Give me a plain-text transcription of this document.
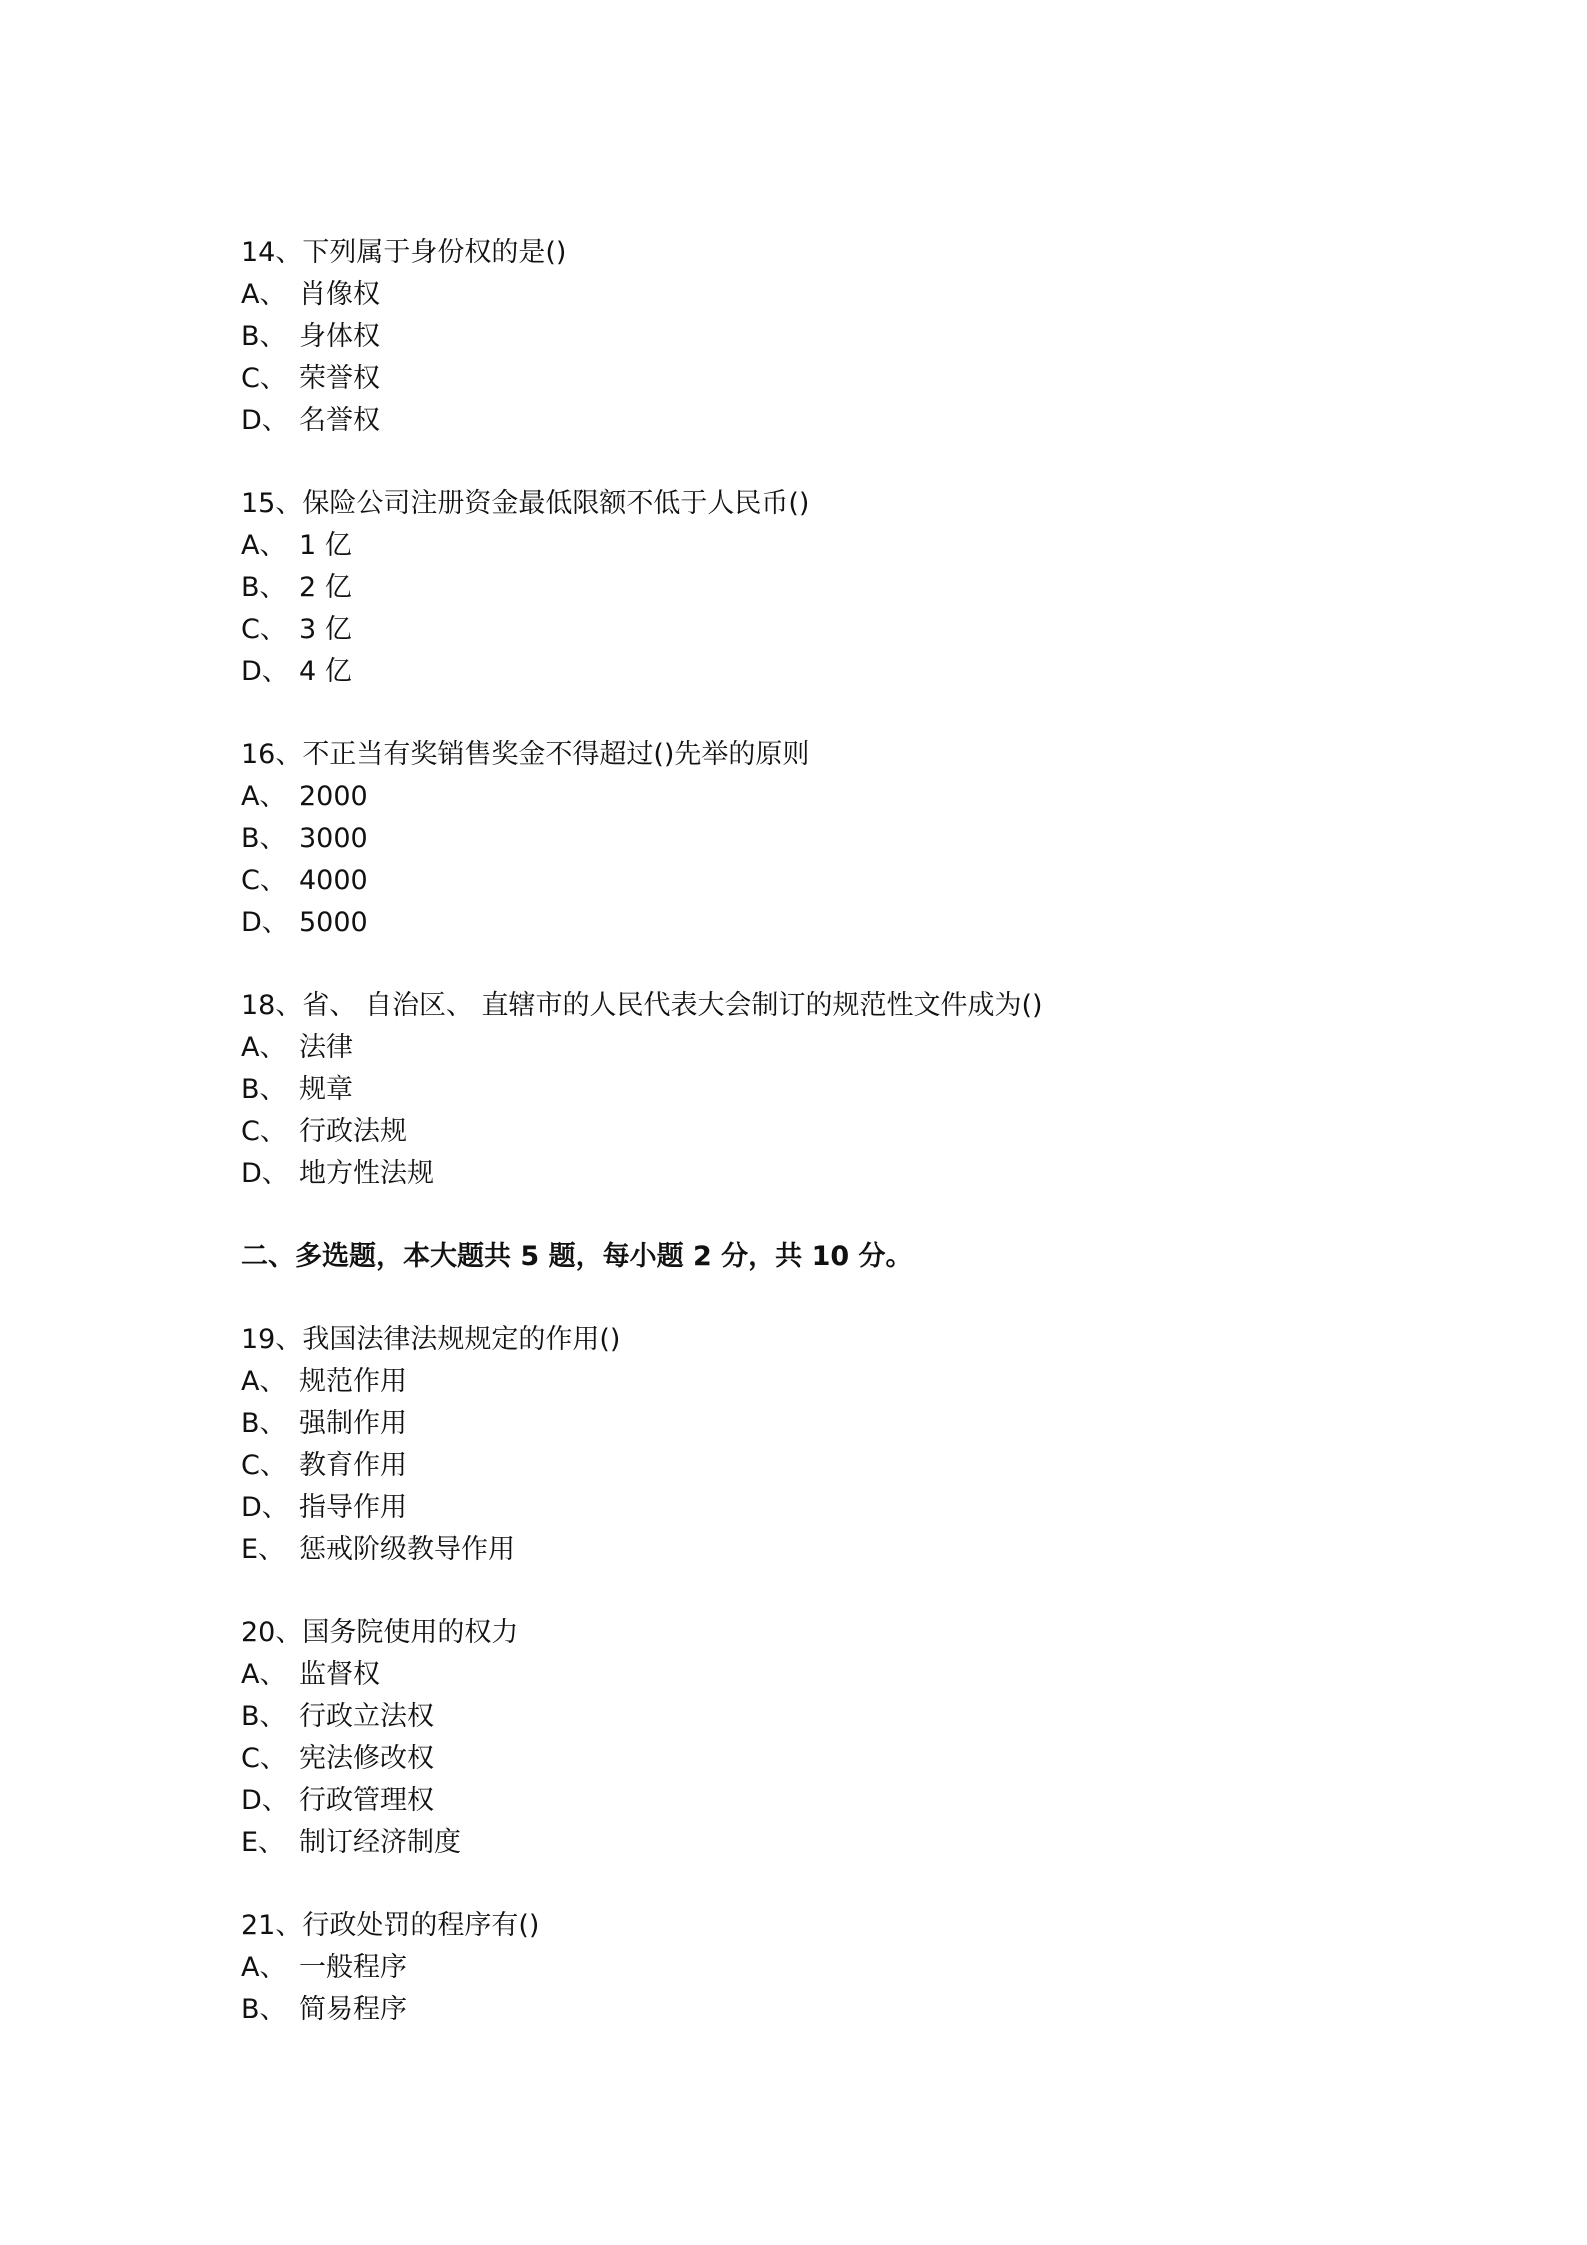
14、下列属于身份权的是()
A、 肖像权
B、 身体权
C、 荣誉权
D、 名誉权
15、保险公司注册资金最低限额不低于人民币()
A、 1 亿
B、 2 亿
C、 3 亿
D、 4 亿
16、不正当有奖销售奖金不得超过()先举的原则
A、 2000
B、 3000
C、 4000
D、 5000
18、省、 自治区、 直辖市的人民代表大会制订的规范性文件成为()
A、 法律
B、 规章
C、 行政法规
D、 地方性法规
二、多选题，本大题共 5 题，每小题 2 分，共 10 分。
19、我国法律法规规定的作用()
A、 规范作用
B、 强制作用
C、 教育作用
D、 指导作用
E、 惩戒阶级教导作用
20、国务院使用的权力
A、 监督权
B、 行政立法权
C、 宪法修改权
D、 行政管理权
E、 制订经济制度
21、行政处罚的程序有()
A、 一般程序
B、 简易程序
